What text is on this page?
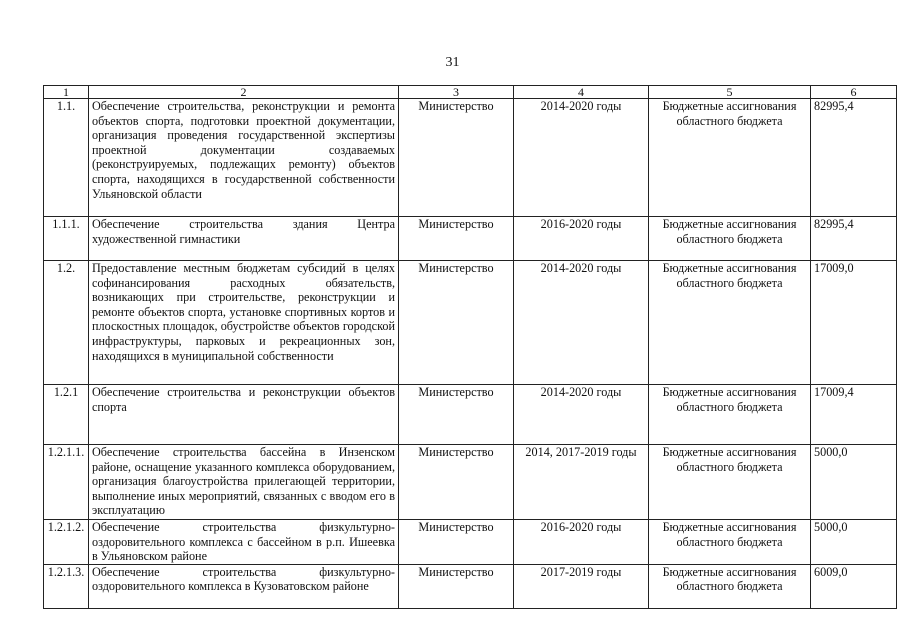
31
1	2	3	4	5	6
1.1.	Обеспечение строительства, реконструкции и ремонта объектов спорта, подготовки проектной документации, организация проведения государственной экспертизы проектной документации создаваемых (реконструируемых, подлежащих ремонту) объектов спорта, находящихся в государственной собственности Ульяновской области	Министерство	2014-2020 годы	Бюджетные ассигнования областного бюджета	82995,4
1.1.1.	Обеспечение строительства здания Центра художественной гимнастики	Министерство	2016-2020 годы	Бюджетные ассигнования областного бюджета	82995,4
1.2.	Предоставление местным бюджетам субсидий в целях софинансирования расходных обязательств, возникающих при строительстве, реконструкции и ремонте объектов спорта, установке спортивных кортов и плоскостных площадок, обустройстве объектов городской инфраструктуры, парковых и рекреационных зон, находящихся в муниципальной собственности	Министерство	2014-2020 годы	Бюджетные ассигнования областного бюджета	17009,0
1.2.1	Обеспечение строительства и реконструкции объектов спорта	Министерство	2014-2020 годы	Бюджетные ассигнования областного бюджета	17009,4
1.2.1.1.	Обеспечение строительства бассейна в Инзенском районе, оснащение указанного комплекса оборудованием, организация благоустройства прилегающей территории, выполнение иных мероприятий, связанных с вводом его в эксплуатацию	Министерство	2014, 2017-2019 годы	Бюджетные ассигнования областного бюджета	5000,0
1.2.1.2.	Обеспечение строительства физкультурно-оздоровительного комплекса с бассейном в р.п. Ишеевка в Ульяновском районе	Министерство	2016-2020 годы	Бюджетные ассигнования областного бюджета	5000,0
1.2.1.3.	Обеспечение строительства физкультурно-оздоровительного комплекса в Кузоватовском районе	Министерство	2017-2019 годы	Бюджетные ассигнования областного бюджета	6009,0
